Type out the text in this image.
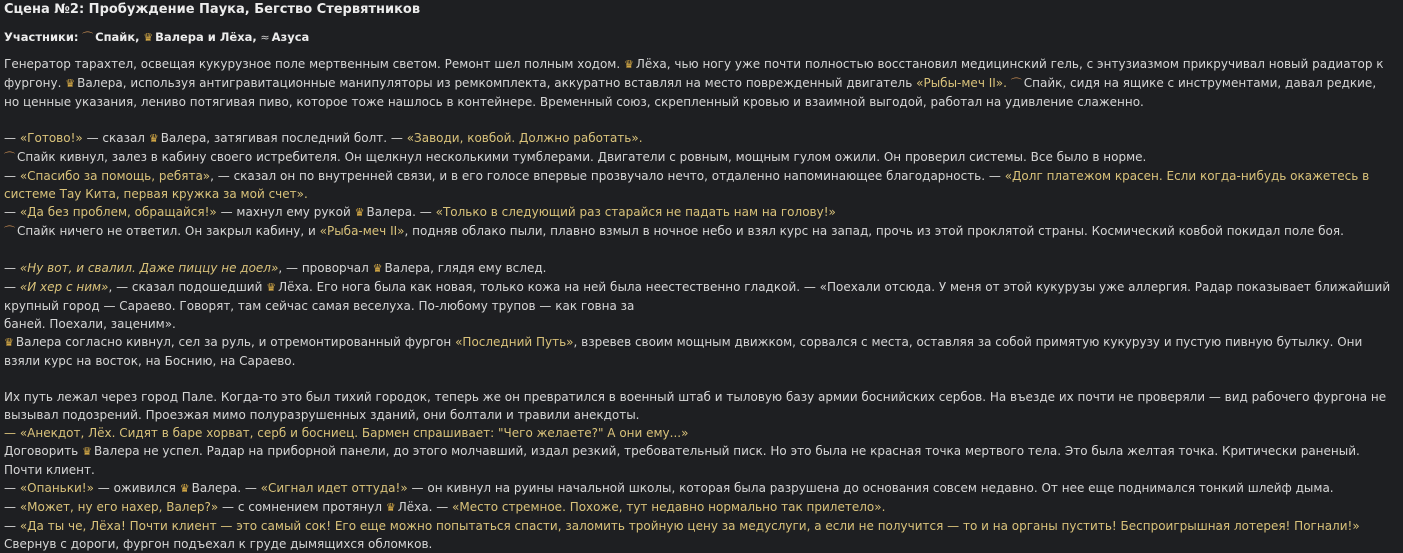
Сцена №2: Пробуждение Паука, Бегство Стервятников
Участники: ⌒ Спайк, ♛ Валера и Лёха, ≈ Азуса

Генератор тарахтел, освещая кукурузное поле мертвенным светом. Ремонт шел полным ходом. ♛ Лёха, чью ногу уже почти полностью восстановил медицинский гель, с энтузиазмом прикручивал новый радиатор к фургону. ♛ Валера, используя антигравитационные манипуляторы из ремкомплекта, аккуратно вставлял на место поврежденный двигатель «Рыбы-меч II». ⌒ Спайк, сидя на ящике с инструментами, давал редкие, но ценные указания, лениво потягивая пиво, которое тоже нашлось в контейнере. Временный союз, скрепленный кровью и взаимной выгодой, работал на удивление слаженно.

— «Готово!» — сказал ♛ Валера, затягивая последний болт. — «Заводи, ковбой. Должно работать».

⌒ Спайк кивнул, залез в кабину своего истребителя. Он щелкнул несколькими тумблерами. Двигатели с ровным, мощным гулом ожили. Он проверил системы. Все было в норме.

— «Спасибо за помощь, ребята», — сказал он по внутренней связи, и в его голосе впервые прозвучало нечто, отдаленно напоминающее благодарность. — «Долг платежом красен. Если когда-нибудь окажетесь в системе Тау Кита, первая кружка за мой счет».

— «Да без проблем, обращайся!» — махнул ему рукой ♛ Валера. — «Только в следующий раз старайся не падать нам на голову!»

⌒ Спайк ничего не ответил. Он закрыл кабину, и «Рыба-меч II», подняв облако пыли, плавно взмыл в ночное небо и взял курс на запад, прочь из этой проклятой страны. Космический ковбой покидал поле боя.

— «Ну вот, и свалил. Даже пиццу не доел», — проворчал ♛ Валера, глядя ему вслед.

— «И хер с ним», — сказал подошедший ♛ Лёха. Его нога была как новая, только кожа на ней была неестественно гладкой. — «Поехали отсюда. У меня от этой кукурузы уже аллергия. Радар показывает ближайший крупный город — Сараево. Говорят, там сейчас самая веселуха. По-любому трупов — как говна за
баней. Поехали, заценим».

♛ Валера согласно кивнул, сел за руль, и отремонтированный фургон «Последний Путь», взревев своим мощным движком, сорвался с места, оставляя за собой примятую кукурузу и пустую пивную бутылку. Они взяли курс на восток, на Боснию, на Сараево.

Их путь лежал через город Пале. Когда-то это был тихий городок, теперь же он превратился в военный штаб и тыловую базу армии боснийских сербов. На въезде их почти не проверяли — вид рабочего фургона не вызывал подозрений. Проезжая мимо полуразрушенных зданий, они болтали и травили анекдоты.

— «Анекдот, Лёх. Сидят в баре хорват, серб и босниец. Бармен спрашивает: "Чего желаете?" А они ему...»

Договорить ♛ Валера не успел. Радар на приборной панели, до этого молчавший, издал резкий, требовательный писк. Но это была не красная точка мертвого тела. Это была желтая точка. Критически раненый. Почти клиент.

— «Опаньки!» — оживился ♛ Валера. — «Сигнал идет оттуда!» — он кивнул на руины начальной школы, которая была разрушена до основания совсем недавно. От нее еще поднимался тонкий шлейф дыма.

— «Может, ну его нахер, Валер?» — с сомнением протянул ♛ Лёха. — «Место стремное. Похоже, тут недавно нормально так прилетело».

— «Да ты че, Лёха! Почти клиент — это самый сок! Его еще можно попытаться спасти, заломить тройную цену за медуслуги, а если не получится — то и на органы пустить! Беспроигрышная лотерея! Погнали!»

Свернув с дороги, фургон подъехал к груде дымящихся обломков.
